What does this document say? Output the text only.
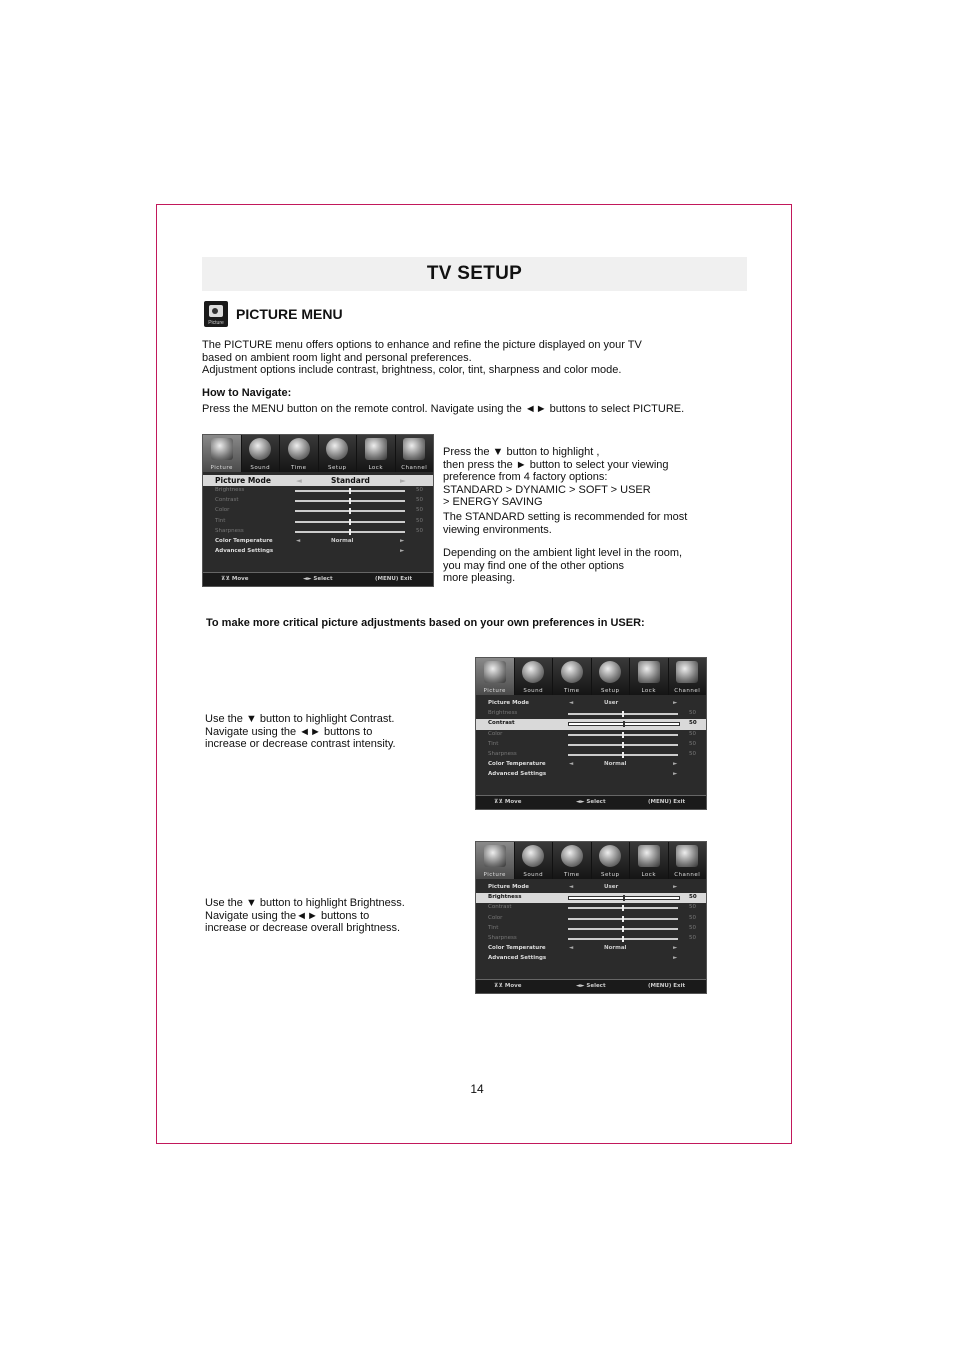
TV SETUP
Picture
PICTURE MENU
The PICTURE menu offers options to enhance and refine the picture displayed on your TV
based on ambient room light and personal preferences.
Adjustment options include contrast, brightness, color, tint, sharpness and color mode.
How to Navigate:
Press the MENU button on the remote control. Navigate using the ◄► buttons to select PICTURE.
Picture	Sound	Time	Setup	Lock	Channel
Picture Mode	◄	Standard	►
Brightness	50
Contrast	50
Color	50
Tint	50
Sharpness	50
Color Temperature	◄	Normal	►
Advanced Settings	►
⊼⊻ Move	◄► Select	(MENU) Exit
Press the ▼ button to highlight ,
then press the ► button to select your viewing
preference from 4 factory options:
STANDARD > DYNAMIC > SOFT > USER
> ENERGY SAVING
The STANDARD setting is recommended for most
viewing environments.
Depending on the ambient light level in the room,
you may find one of the other options
more pleasing.
To make more critical picture adjustments based on your own preferences in USER:
Picture	Sound	Time	Setup	Lock	Channel
Picture Mode	◄	User	►
Brightness	50
Contrast	50
Color	50
Tint	50
Sharpness	50
Color Temperature	◄	Normal	►
Advanced Settings	►
⊼⊻ Move	◄► Select	(MENU) Exit
Use the ▼ button to highlight Contrast.
Navigate using the ◄► buttons to
increase or decrease contrast intensity.
Picture	Sound	Time	Setup	Lock	Channel
Picture Mode	◄	User	►
Brightness	50
Contrast	50
Color	50
Tint	50
Sharpness	50
Color Temperature	◄	Normal	►
Advanced Settings	►
⊼⊻ Move	◄► Select	(MENU) Exit
Use the ▼ button to highlight Brightness.
Navigate using the◄► buttons to
increase or decrease overall brightness.
14
